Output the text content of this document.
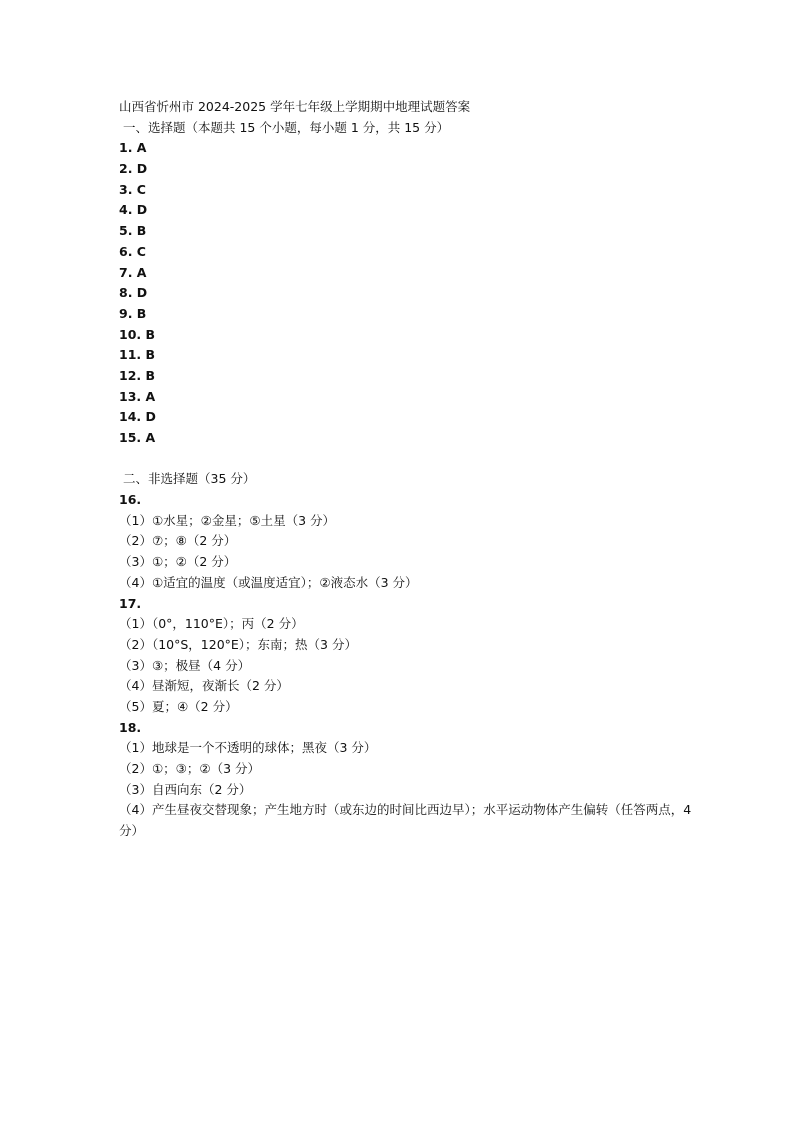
山西省忻州市 2024-2025 学年七年级上学期期中地理试题答案
一、选择题（本题共 15 个小题，每小题 1 分，共 15 分）
1. A
2. D
3. C
4. D
5. B
6. C
7. A
8. D
9. B
10. B
11. B
12. B
13. A
14. D
15. A
二、非选择题（35 分）
16.
（1）①水星；②金星；⑤土星（3 分）
（2）⑦；⑧（2 分）
（3）①；②（2 分）
（4）①适宜的温度（或温度适宜）；②液态水（3 分）
17.
（1）（0°，110°E）；丙（2 分）
（2）（10°S，120°E）；东南；热（3 分）
（3）③；极昼（4 分）
（4）昼渐短，夜渐长（2 分）
（5）夏；④（2 分）
18.
（1）地球是一个不透明的球体；黑夜（3 分）
（2）①；③；②（3 分）
（3）自西向东（2 分）
（4）产生昼夜交替现象；产生地方时（或东边的时间比西边早）；水平运动物体产生偏转（任答两点，4 分）
